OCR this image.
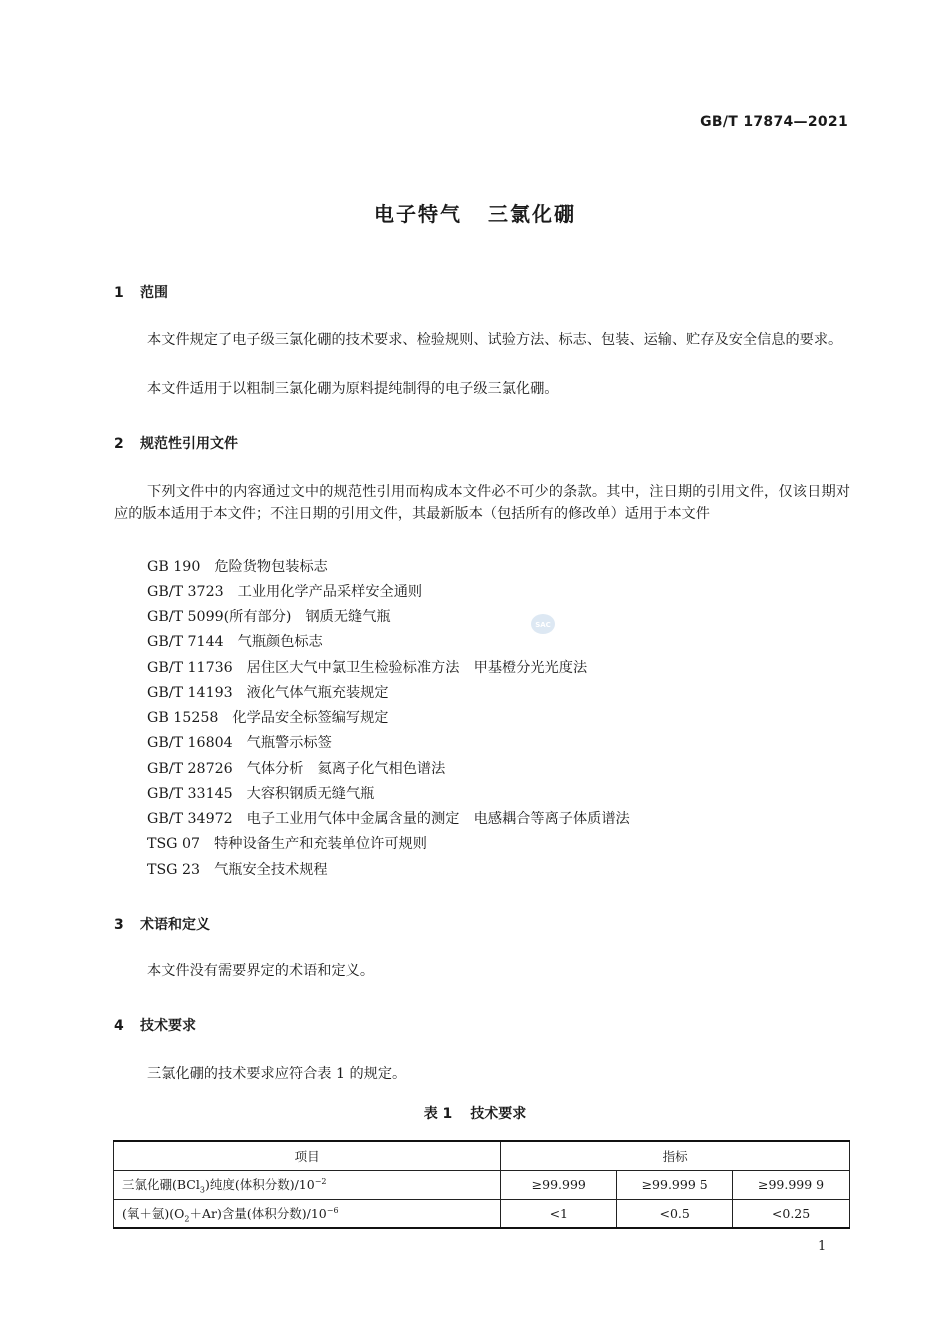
GB/T 17874—2021
电子特气 三氯化硼
1 范围
本文件规定了电子级三氯化硼的技术要求、检验规则、试验方法、标志、包装、运输、贮存及安全信息的要求。
本文件适用于以粗制三氯化硼为原料提纯制得的电子级三氯化硼。
2 规范性引用文件
下列文件中的内容通过文中的规范性引用而构成本文件必不可少的条款。其中，注日期的引用文件，仅该日期对应的版本适用于本文件；不注日期的引用文件，其最新版本（包括所有的修改单）适用于本文件
GB 190 危险货物包装标志
GB/T 3723 工业用化学产品采样安全通则
GB/T 5099(所有部分) 钢质无缝气瓶
GB/T 7144 气瓶颜色标志
GB/T 11736 居住区大气中氯卫生检验标准方法　甲基橙分光光度法
GB/T 14193 液化气体气瓶充装规定
GB 15258 化学品安全标签编写规定
GB/T 16804 气瓶警示标签
GB/T 28726 气体分析　氦离子化气相色谱法
GB/T 33145 大容积钢质无缝气瓶
GB/T 34972 电子工业用气体中金属含量的测定　电感耦合等离子体质谱法
TSG 07 特种设备生产和充装单位许可规则
TSG 23 气瓶安全技术规程
SAC
3 术语和定义
本文件没有需要界定的术语和定义。
4 技术要求
三氯化硼的技术要求应符合表 1 的规定。
表 1 技术要求
项目	指标		
三氯化硼(BCl$_3$)纯度(体积分数)$/10^{-2}$	≥99.999	≥99.999 5	≥99.999 9
(氧＋氩)$(O_2+Ar)$含量(体积分数)$/10^{-6}$	<1	<0.5	<0.25
1
